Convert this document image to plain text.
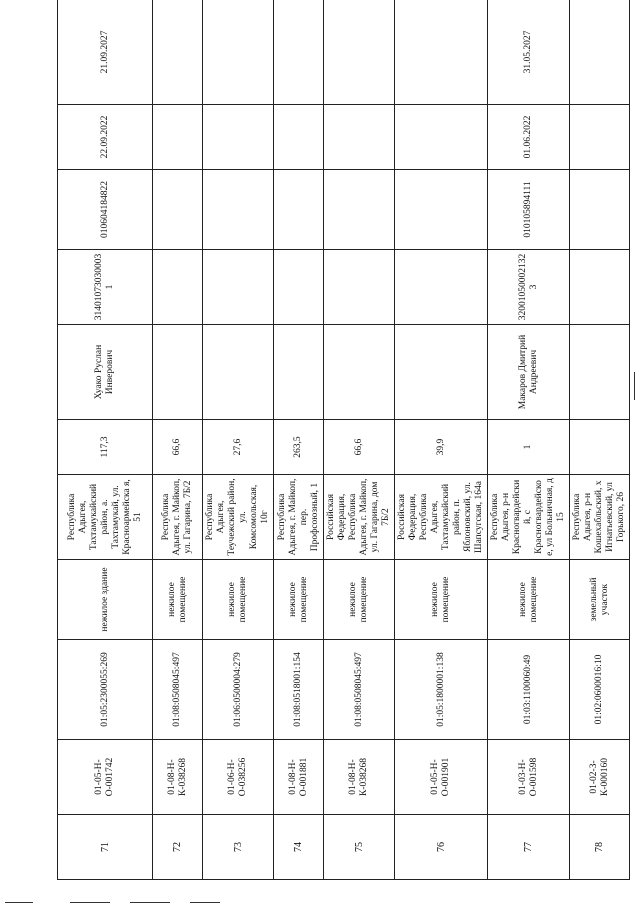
71	01-05-Н-О-001742	01:05:2300055:269	нежилое здание	Республика Адыгея, Тахтамукайский район, а. Тахтамукай, ул. Красноармейска я, 51	117,3	Хуако Руслан Инверович	314010730300031	010604184822	22.09.2022	21.09.2027
72	01-08-Н-К-038268	01:08:0508045:497	нежилое помещение	Республика Адыгея, г. Майкоп, ул. Гагарина, 7Б/2	66,6					
73	01-06-Н-О-038256	01:06:0500004:279	нежилое помещение	Республика Адыгея, Теучежский район, ул. Комсомольская, 10г	27,6					
74	01-08-Н-О-001881	01:08:0518001:154	нежилое помещение	Республика Адыгея, г. Майкоп, пер. Профсоюзный, 1	263,5					
75	01-08-Н-К-038268	01:08:0508045:497	нежилое помещение	Российская Федерация, Республика Адыгея, г. Майкоп, ул. Гагарина, дом 7Б/2	66,6					
76	01-05-Н-О-001901	01:05:1800001:138	нежилое помещение	Российская Федерация, Республика Адыгея, Тахтамукайский район, п. Яблоновский, ул. Шапсугская, 164а	39,9					
77	01-03-Н-О-001598	01:03:1100060:49	нежилое помещение	Республика Адыгея, р-н Красногвардейский, с Красногвардейское, ул Больничная, д 15	1	Макаров Дмитрий Андреевич	320010500021323	010105894111	01.06.2022	31.05.2027
78	01-02-З-К-000160	01:02:0600016:10	земельный участок	Республика Адыгея, р-н Кошехабльский, х Игнатьевский, ул Горького, 26						
